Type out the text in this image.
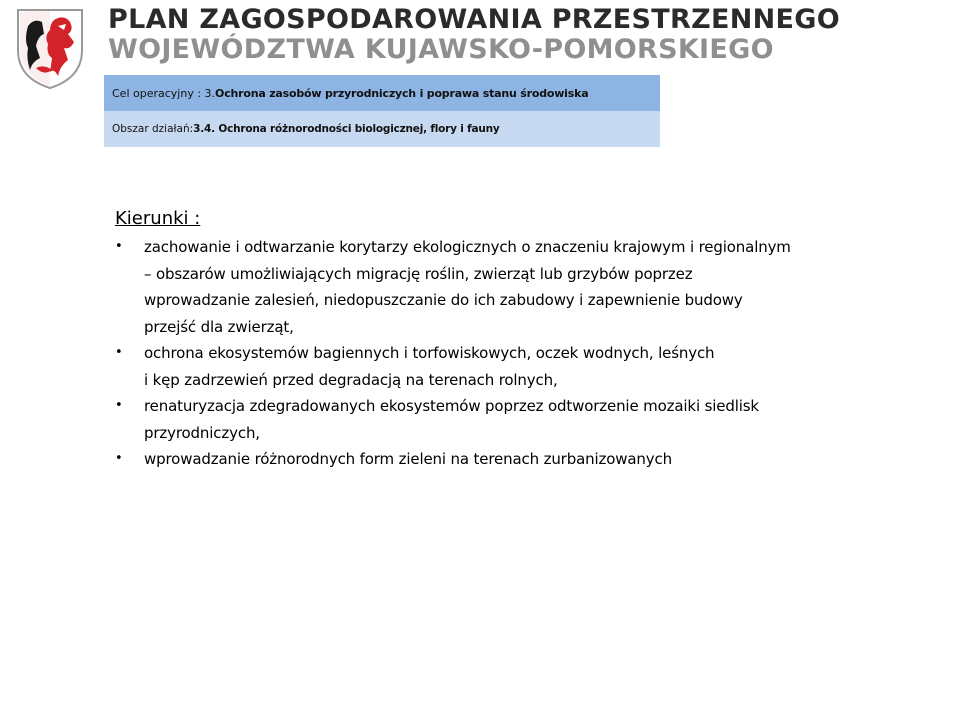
PLAN ZAGOSPODAROWANIA PRZESTRZENNEGO
WOJEWÓDZTWA KUJAWSKO-POMORSKIEGO
Cel operacyjny : 3. Ochrona zasobów przyrodniczych i poprawa stanu środowiska
Obszar działań: 3.4. Ochrona różnorodności biologicznej, flory i fauny
Kierunki :
• zachowanie i odtwarzanie korytarzy ekologicznych o znaczeniu krajowym i regionalnym
– obszarów umożliwiających migrację roślin, zwierząt lub grzybów poprzez
wprowadzanie zalesień, niedopuszczanie do ich zabudowy i zapewnienie budowy
przejść dla zwierząt,
• ochrona ekosystemów bagiennych i torfowiskowych, oczek wodnych, leśnych
i kęp zadrzewień przed degradacją na terenach rolnych,
• renaturyzacja zdegradowanych ekosystemów poprzez odtworzenie mozaiki siedlisk
przyrodniczych,
• wprowadzanie różnorodnych form zieleni na terenach zurbanizowanych
